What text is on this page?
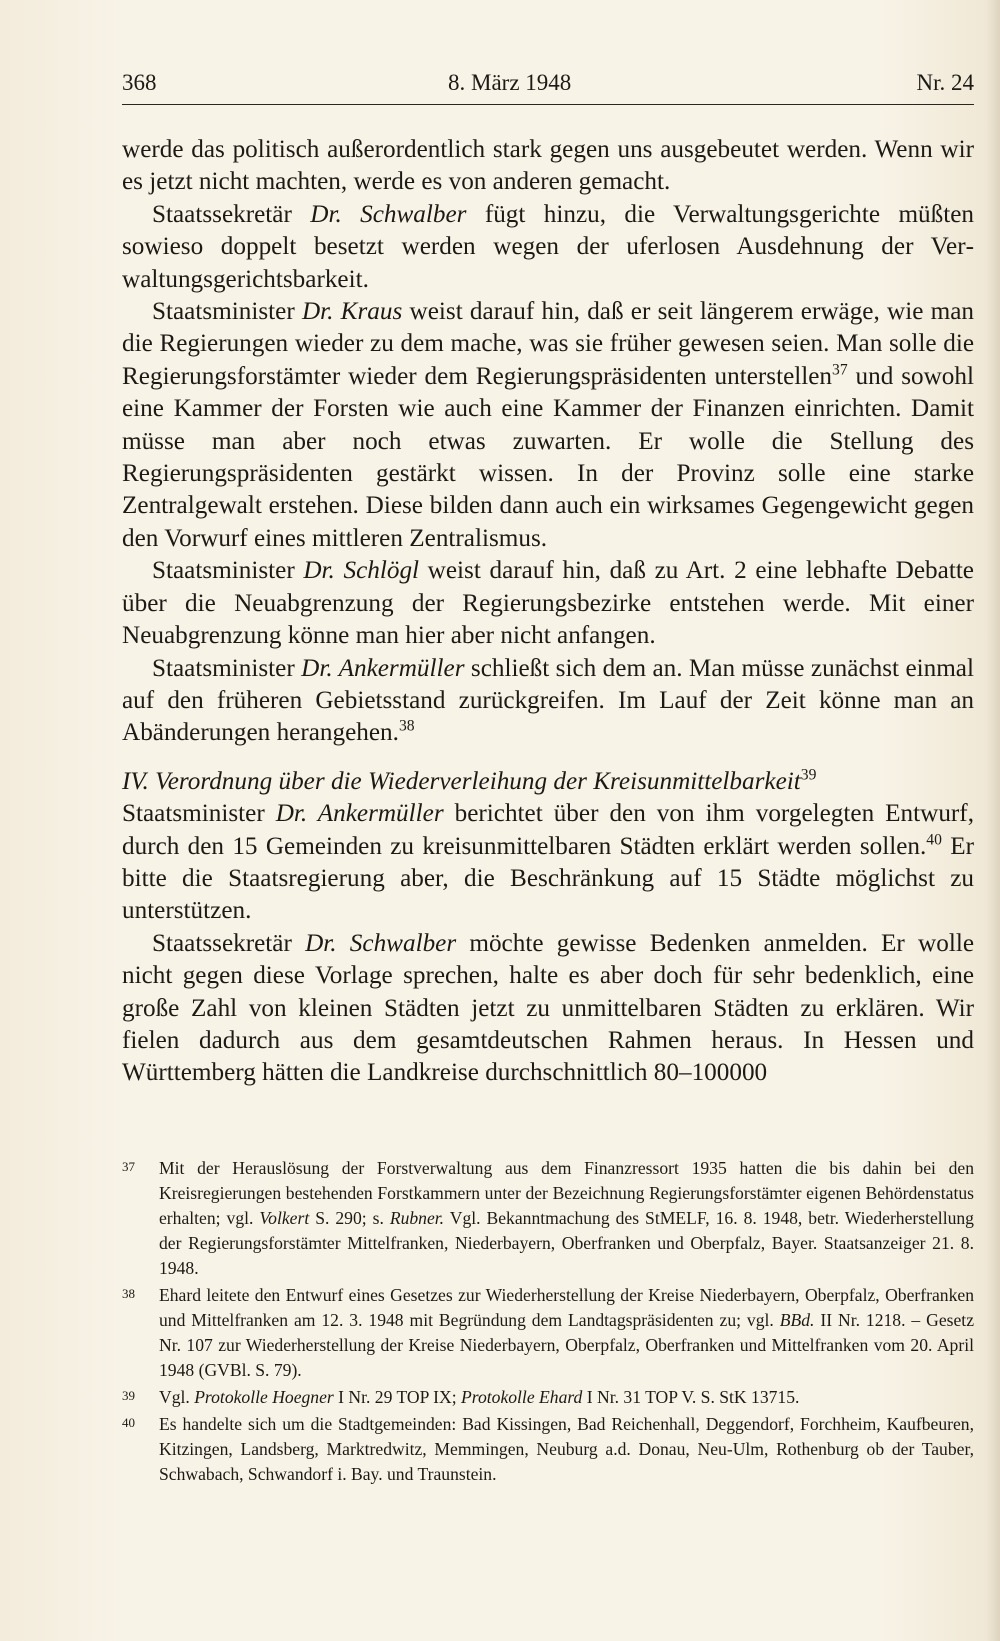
368	8. März 1948	Nr. 24

werde das politisch außerordentlich stark gegen uns ausgebeutet werden. Wenn wir es jetzt nicht machten, werde es von anderen gemacht.

Staatssekretär Dr. Schwalber fügt hinzu, die Verwaltungsgerichte müßten sowieso doppelt besetzt werden wegen der uferlosen Ausdehnung der Verwaltungsgerichtsbarkeit.

Staatsminister Dr. Kraus weist darauf hin, daß er seit längerem erwäge, wie man die Regierungen wieder zu dem mache, was sie früher gewesen seien. Man solle die Regierungsforstämter wieder dem Regierungspräsidenten unterstellen$^{37}$ und sowohl eine Kammer der Forsten wie auch eine Kammer der Finanzen einrichten. Damit müsse man aber noch etwas zuwarten. Er wolle die Stellung des Regierungspräsidenten gestärkt wissen. In der Provinz solle eine starke Zentralgewalt erstehen. Diese bilden dann auch ein wirksames Gegengewicht gegen den Vorwurf eines mittleren Zentralismus.

Staatsminister Dr. Schlögl weist darauf hin, daß zu Art. 2 eine lebhafte Debatte über die Neuabgrenzung der Regierungsbezirke entstehen werde. Mit einer Neuabgrenzung könne man hier aber nicht anfangen.

Staatsminister Dr. Ankermüller schließt sich dem an. Man müsse zunächst einmal auf den früheren Gebietsstand zurückgreifen. Im Lauf der Zeit könne man an Abänderungen herangehen.$^{38}$

IV. Verordnung über die Wiederverleihung der Kreisunmittelbarkeit$^{39}$

Staatsminister Dr. Ankermüller berichtet über den von ihm vorgelegten Entwurf, durch den 15 Gemeinden zu kreisunmittelbaren Städten erklärt werden sollen.$^{40}$ Er bitte die Staatsregierung aber, die Beschränkung auf 15 Städte möglichst zu unterstützen.

Staatssekretär Dr. Schwalber möchte gewisse Bedenken anmelden. Er wolle nicht gegen diese Vorlage sprechen, halte es aber doch für sehr bedenklich, eine große Zahl von kleinen Städten jetzt zu unmittelbaren Städten zu erklären. Wir fielen dadurch aus dem gesamtdeutschen Rahmen heraus. In Hessen und Württemberg hätten die Landkreise durchschnittlich 80–100000

37 Mit der Herauslösung der Forstverwaltung aus dem Finanzressort 1935 hatten die bis dahin bei den Kreisregierungen bestehenden Forstkammern unter der Bezeichnung Regierungsforstämter eigenen Behördenstatus erhalten; vgl. Volkert S. 290; s. Rubner. Vgl. Bekanntmachung des StMELF, 16. 8. 1948, betr. Wiederherstellung der Regierungsforstämter Mittelfranken, Niederbayern, Oberfranken und Oberpfalz, Bayer. Staatsanzeiger 21. 8. 1948.
38 Ehard leitete den Entwurf eines Gesetzes zur Wiederherstellung der Kreise Niederbayern, Oberpfalz, Oberfranken und Mittelfranken am 12. 3. 1948 mit Begründung dem Landtagspräsidenten zu; vgl. BBd. II Nr. 1218. – Gesetz Nr. 107 zur Wiederherstellung der Kreise Niederbayern, Oberpfalz, Oberfranken und Mittelfranken vom 20. April 1948 (GVBl. S. 79).
39 Vgl. Protokolle Hoegner I Nr. 29 TOP IX; Protokolle Ehard I Nr. 31 TOP V. S. StK 13715.
40 Es handelte sich um die Stadtgemeinden: Bad Kissingen, Bad Reichenhall, Deggendorf, Forchheim, Kaufbeuren, Kitzingen, Landsberg, Marktredwitz, Memmingen, Neuburg a.d. Donau, Neu-Ulm, Rothenburg ob der Tauber, Schwabach, Schwandorf i. Bay. und Traunstein.
